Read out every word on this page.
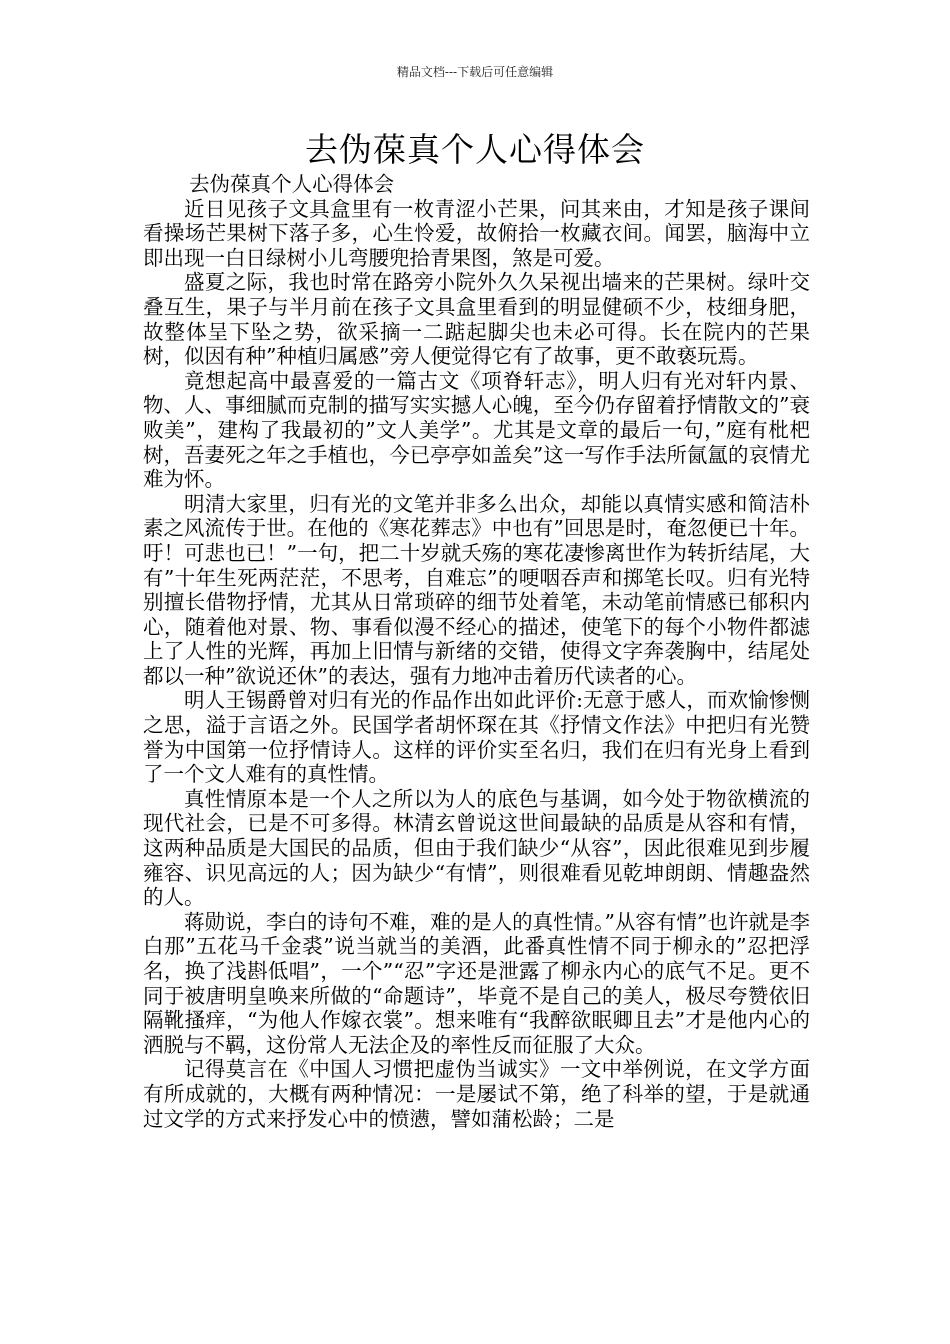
精品文档---下载后可任意编辑
去伪葆真个人心得体会

去伪葆真个人心得体会

近日见孩子文具盒里有一枚青涩小芒果，问其来由，才知是孩子课间看操场芒果树下落子多，心生怜爱，故俯拾一枚藏衣间。闻罢，脑海中立即出现一白日绿树小儿弯腰兜拾青果图，煞是可爱。

盛夏之际，我也时常在路旁小院外久久呆视出墙来的芒果树。绿叶交叠互生，果子与半月前在孩子文具盒里看到的明显健硕不少，枝细身肥，故整体呈下坠之势，欲采摘一二踮起脚尖也未必可得。长在院内的芒果树，似因有种”种植归属感”旁人便觉得它有了故事，更不敢亵玩焉。

竟想起高中最喜爱的一篇古文《项脊轩志》，明人归有光对轩内景、物、人、事细腻而克制的描写实实撼人心魄，至今仍存留着抒情散文的”衰败美”，建构了我最初的”文人美学”。尤其是文章的最后一句，”庭有枇杷树，吾妻死之年之手植也，今已亭亭如盖矣”这一写作手法所氤氲的哀情尤难为怀。

明清大家里，归有光的文笔并非多么出众，却能以真情实感和简洁朴素之风流传于世。在他的《寒花葬志》中也有”回思是时，奄忽便已十年。吁！可悲也已！”一句，把二十岁就夭殇的寒花凄惨离世作为转折结尾，大有”十年生死两茫茫，不思考，自难忘”的哽咽吞声和掷笔长叹。归有光特别擅长借物抒情，尤其从日常琐碎的细节处着笔，未动笔前情感已郁积内心，随着他对景、物、事看似漫不经心的描述，使笔下的每个小物件都滤上了人性的光辉，再加上旧情与新绪的交错，使得文字奔袭胸中，结尾处都以一种”欲说还休”的表达，强有力地冲击着历代读者的心。

明人王锡爵曾对归有光的作品作出如此评价:无意于感人，而欢愉惨恻之思，溢于言语之外。民国学者胡怀琛在其《抒情文作法》中把归有光赞誉为中国第一位抒情诗人。这样的评价实至名归，我们在归有光身上看到了一个文人难有的真性情。

真性情原本是一个人之所以为人的底色与基调，如今处于物欲横流的现代社会，已是不可多得。林清玄曾说这世间最缺的品质是从容和有情，这两种品质是大国民的品质，但由于我们缺少“从容”，因此很难见到步履雍容、识见高远的人；因为缺少“有情”，则很难看见乾坤朗朗、情趣盎然的人。

蒋勋说，李白的诗句不难，难的是人的真性情。”从容有情”也许就是李白那”五花马千金裘”说当就当的美酒，此番真性情不同于柳永的”忍把浮名，换了浅斟低唱”，一个”“忍”字还是泄露了柳永内心的底气不足。更不同于被唐明皇唤来所做的“命题诗”，毕竟不是自己的美人，极尽夸赞依旧隔靴搔痒，“为他人作嫁衣裳”。想来唯有“我醉欲眠卿且去”才是他内心的洒脱与不羁，这份常人无法企及的率性反而征服了大众。

记得莫言在《中国人习惯把虚伪当诚实》一文中举例说，在文学方面有所成就的，大概有两种情况：一是屡试不第，绝了科举的望，于是就通过文学的方式来抒发心中的愤懑，譬如蒲松龄；二是
